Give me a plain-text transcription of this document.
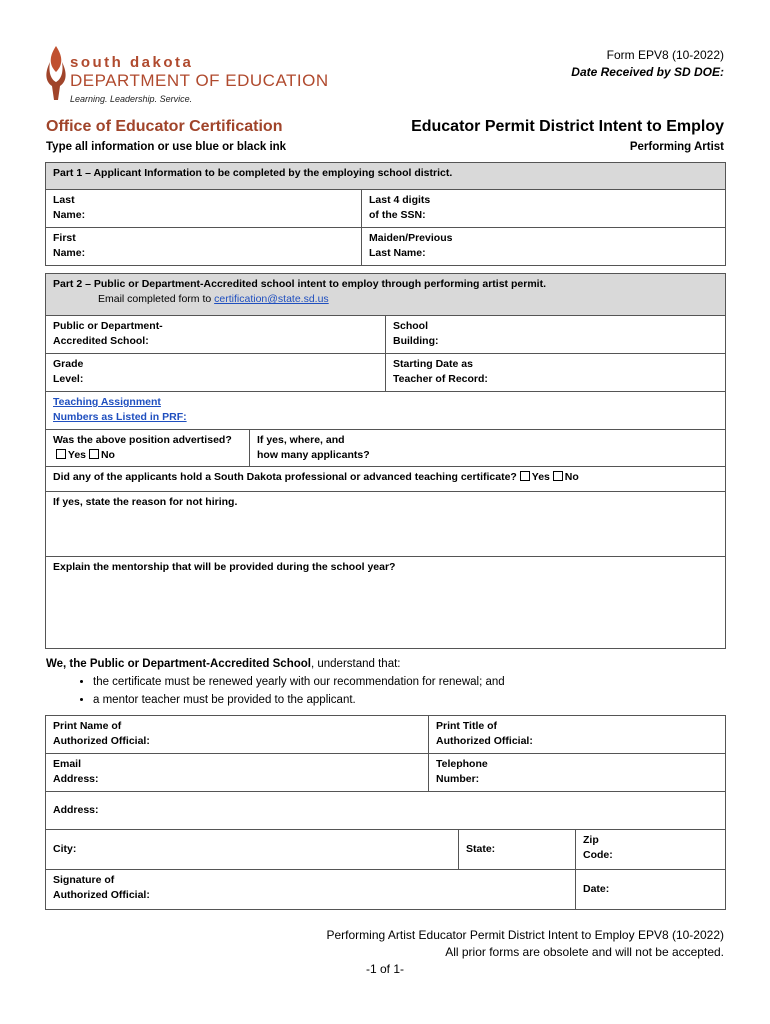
south dakota
DEPARTMENT OF EDUCATION
Learning. Leadership. Service.
Form EPV8 (10-2022)
Date Received by SD DOE:
Office of Educator Certification
Type all information or use blue or black ink
Educator Permit District Intent to Employ
Performing Artist
Part 1 – Applicant Information to be completed by the employing school district.	
Last
Name:	Last 4 digits
of the SSN:
First
Name:	Maiden/Previous
Last Name:
Part 2 – Public or Department-Accredited school intent to employ through performing artist permit.
Email completed form to certification@state.sd.us		

Public or Department-
Accredited School:		School
Building:
Grade
Level:		Starting Date as
Teacher of Record:
Teaching Assignment
Numbers as Listed in PRF:		
Was the above position advertised?
Yes No	If yes, where, and
how many applicants?	
Did any of the applicants hold a South Dakota professional or advanced teaching certificate? Yes No		
If yes, state the reason for not hiring.		
Explain the mentorship that will be provided during the school year?		
We, the Public or Department-Accredited School, understand that:
• the certificate must be renewed yearly with our recommendation for renewal; and
• a mentor teacher must be provided to the applicant.
Print Name of
Authorized Official:	Print Title of
Authorized Official:		
Email
Address:	Telephone
Number:		
Address:			
City:		State:	Zip
Code:
Signature of
Authorized Official:			Date:
Performing Artist Educator Permit District Intent to Employ EPV8 (10-2022)
All prior forms are obsolete and will not be accepted.
-1 of 1-
